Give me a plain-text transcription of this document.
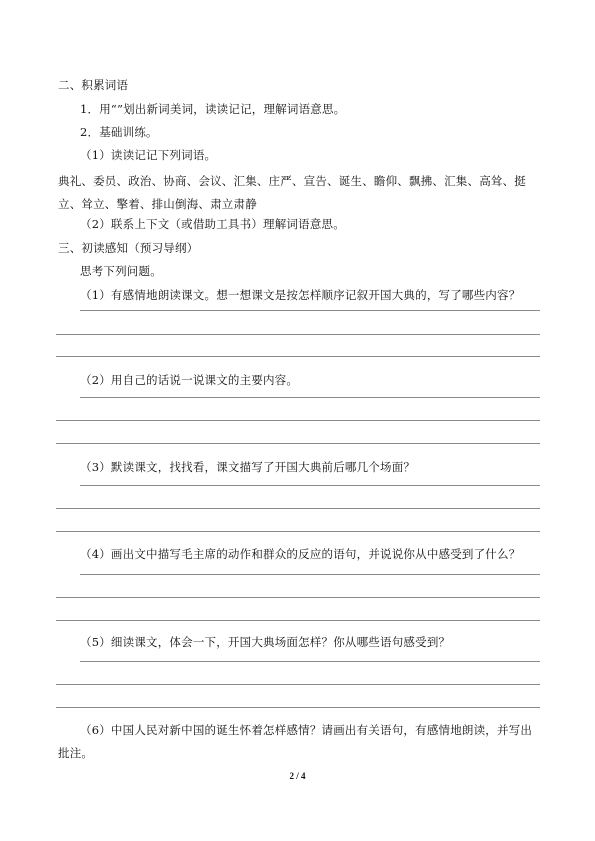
二、积累词语
1．用“”划出新词美词，读读记记，理解词语意思。
2．基础训练。
（1）读读记记下列词语。
典礼、委员、政治、协商、会议、汇集、庄严、宣告、诞生、瞻仰、飘拂、汇集、高耸、挺立、耸立、擎着、排山倒海、肃立肃静
（2）联系上下文（或借助工具书）理解词语意思。
三、初读感知（预习导纲）
思考下列问题。
（1）有感情地朗读课文。想一想课文是按怎样顺序记叙开国大典的，写了哪些内容？
（2）用自己的话说一说课文的主要内容。
（3）默读课文，找找看，课文描写了开国大典前后哪几个场面？
（4）画出文中描写毛主席的动作和群众的反应的语句，并说说你从中感受到了什么？
（5）细读课文，体会一下，开国大典场面怎样？你从哪些语句感受到？
（6）中国人民对新中国的诞生怀着怎样感情？请画出有关语句，有感情地朗读，并写出批注。
2 / 4
